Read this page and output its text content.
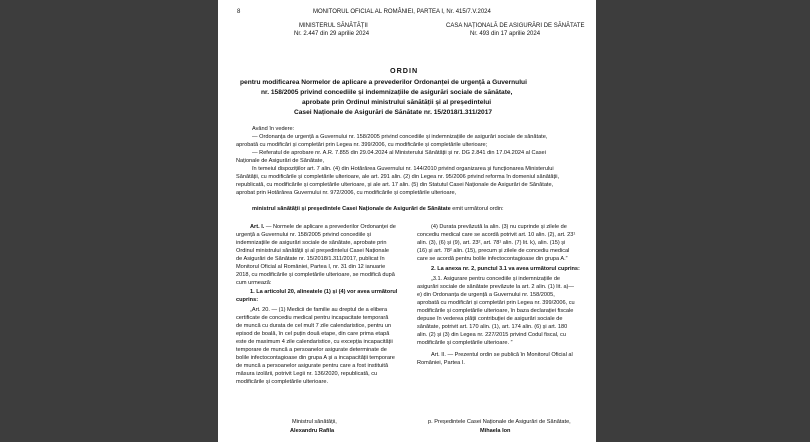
8	MONITORUL OFICIAL AL ROMÂNIEI, PARTEA I, Nr. 415/7.V.2024
MINISTERUL SĂNĂTĂȚII
Nr. 2.447 din 29 aprilie 2024
CASA NAȚIONALĂ DE ASIGURĂRI DE SĂNĂTATE
Nr. 493 din 17 aprilie 2024
ORDIN
pentru modificarea Normelor de aplicare a prevederilor Ordonanței de urgență a Guvernului
nr. 158/2005 privind concediile și indemnizațiile de asigurări sociale de sănătate,
aprobate prin Ordinul ministrului sănătății și al președintelui
Casei Naționale de Asigurări de Sănătate nr. 15/2018/1.311/2017
Având în vedere:
— Ordonanța de urgență a Guvernului nr. 158/2005 privind concediile și indemnizațiile de asigurări sociale de sănătate,
aprobată cu modificări și completări prin Legea nr. 399/2006, cu modificările și completările ulterioare;
— Referatul de aprobare nr. A.R. 7.855 din 29.04.2024 al Ministerului Sănătății și nr. DG 2.841 din 17.04.2024 al Casei
Naționale de Asigurări de Sănătate,
în temeiul dispozițiilor art. 7 alin. (4) din Hotărârea Guvernului nr. 144/2010 privind organizarea și funcționarea Ministerului
Sănătății, cu modificările și completările ulterioare, ale art. 291 alin. (2) din Legea nr. 95/2006 privind reforma în domeniul sănătății,
republicată, cu modificările și completările ulterioare, și ale art. 17 alin. (5) din Statutul Casei Naționale de Asigurări de Sănătate,
aprobat prin Hotărârea Guvernului nr. 972/2006, cu modificările și completările ulterioare,
ministrul sănătății și președintele Casei Naționale de Asigurări de Sănătate emit următorul ordin:
Art. I. — Normele de aplicare a prevederilor Ordonanței de
urgență a Guvernului nr. 158/2005 privind concediile și
indemnizațiile de asigurări sociale de sănătate, aprobate prin
Ordinul ministrului sănătății și al președintelui Casei Naționale
de Asigurări de Sănătate nr. 15/2018/1.311/2017, publicat în
Monitorul Oficial al României, Partea I, nr. 31 din 12 ianuarie
2018, cu modificările și completările ulterioare, se modifică după
cum urmează:
1. La articolul 20, alineatele (1) și (4) vor avea următorul
cuprins:
„Art. 20. — (1) Medicii de familie au dreptul de a elibera
certificate de concediu medical pentru incapacitate temporară
de muncă cu durata de cel mult 7 zile calendaristice, pentru un
episod de boală, în cel puțin două etape, din care prima etapă
este de maximum 4 zile calendaristice, cu excepția incapacității
temporare de muncă a persoanelor asigurate determinate de
bolile infectocontagioase din grupa A și a incapacității temporare
de muncă a persoanelor asigurate pentru care a fost instituită
măsura izolării, potrivit Legii nr. 136/2020, republicată, cu
modificările și completările ulterioare.
(4) Durata prevăzută la alin. (3) nu cuprinde și zilele de
concediu medical care se acordă potrivit art. 10 alin. (2), art. 23¹
alin. (3), (6) și (9), art. 23², art. 78¹ alin. (7) lit. k), alin. (15) și
(16) și art. 78² alin. (15), precum și zilele de concediu medical
care se acordă pentru bolile infectocontagioase din grupa A.”
2. La anexa nr. 2, punctul 3.1 va avea următorul cuprins:
„3.1. Asigurare pentru concediile și indemnizațiile de
asigurări sociale de sănătate prevăzute la art. 2 alin. (1) lit. a)—
e) din Ordonanța de urgență a Guvernului nr. 158/2005,
aprobată cu modificări și completări prin Legea nr. 399/2006, cu
modificările și completările ulterioare, în baza declarației fiscale
depuse în vederea plății contribuției de asigurări sociale de
sănătate, potrivit art. 170 alin. (1), art. 174 alin. (6) și art. 180
alin. (2) și (3) din Legea nr. 227/2015 privind Codul fiscal, cu
modificările și completările ulterioare. ”
Art. II. — Prezentul ordin se publică în Monitorul Oficial al
României, Partea I.
Ministrul sănătății,
Alexandru Rafila
p. Președintele Casei Naționale de Asigurări de Sănătate,
Mihaela Ion
